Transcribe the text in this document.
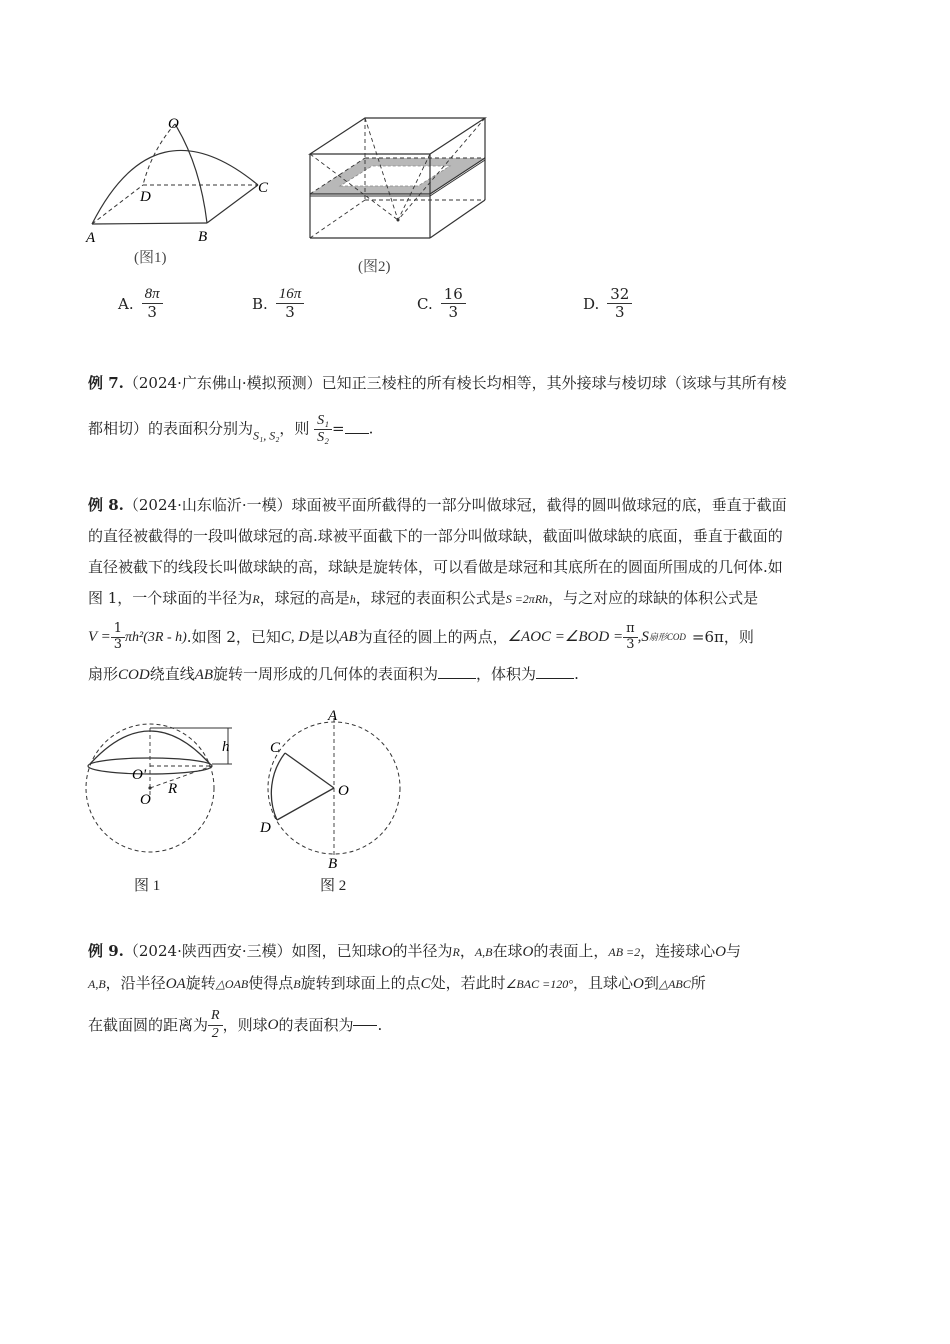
O
D
C
A	B
(图1)
(图2)
A. $\frac{8\pi}{3}$	B. $\frac{16\pi}{3}$	C. $\frac{16}{3}$	D. $\frac{32}{3}$
例 7.（2024·广东佛山·模拟预测）已知正三棱柱的所有棱长均相等，其外接球与棱切球（该球与其所有棱
都相切）的表面积分别为$_{S_1, S_2}$，则 $\frac{\text{S₁}}{\text{S₂}}$ = .
例 8.（2024·山东临沂·一模）球面被平面所截得的一部分叫做球冠，截得的圆叫做球冠的底，垂直于截面
的直径被截得的一段叫做球冠的高.球被平面截下的一部分叫做球缺，截面叫做球缺的底面，垂直于截面的
直径被截下的线段长叫做球缺的高，球缺是旋转体，可以看做是球冠和其底所在的圆面所围成的几何体.如
图 1，一个球面的半径为R，球冠的高是h，球冠的表面积公式是S =2πRh，与之对应的球缺的体积公式是
$V = \frac{1}{3} \pi h^2(3R - h)$ .如图 2，已知 C, D 是以 AB 为直径的圆上的两点， ∠AOC =∠BOD = $\frac{\pi}{3}$ , S 扇形COD =6π ，则
扇形COD绕直线AB旋转一周形成的几何体的表面积为	，体积为	.
h
O'
R
O
图 1
A
C
O
D
B
图 2
例 9.（2024·陕西西安·三模）如图，已知球O的半径为R，A,B在球O的表面上，AB =2，连接球心O与
A,B，沿半径OA旋转△OAB使得点B旋转到球面上的点C处，若此时∠BAC =120°，且球心O到△ABC所
在截面圆的距离为 $\frac{R}{2}$ ，则球 O 的表面积为 .
